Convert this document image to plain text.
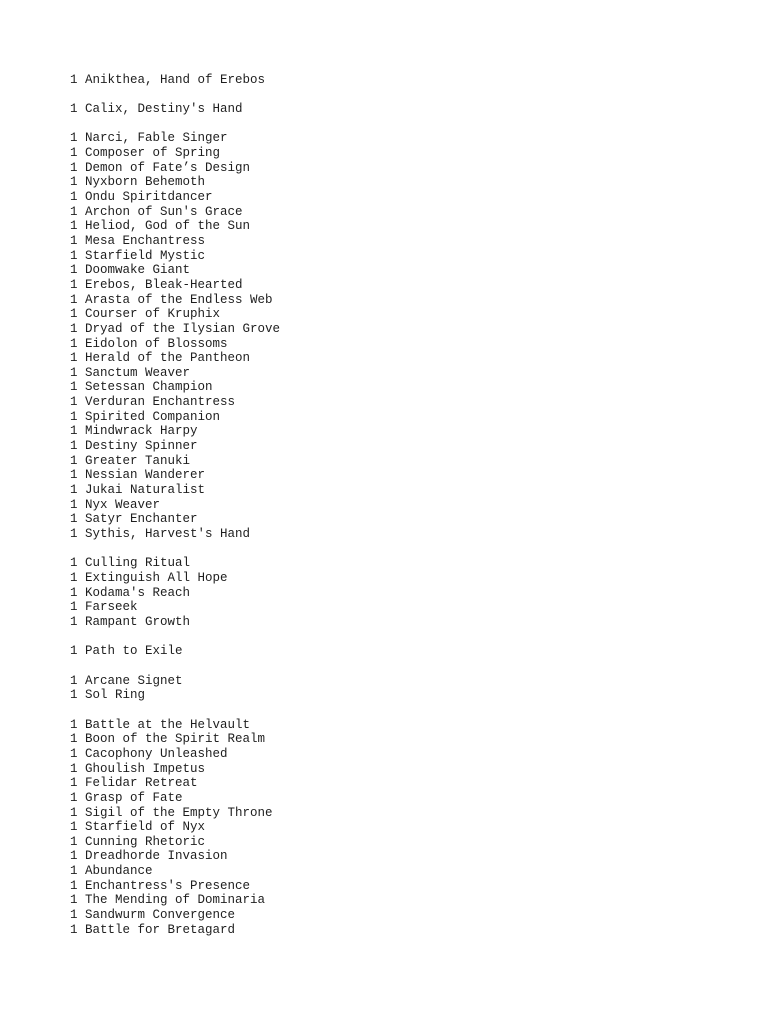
1 Anikthea, Hand of Erebos
1 Calix, Destiny's Hand
1 Narci, Fable Singer
1 Composer of Spring
1 Demon of Fate’s Design
1 Nyxborn Behemoth
1 Ondu Spiritdancer
1 Archon of Sun's Grace
1 Heliod, God of the Sun
1 Mesa Enchantress
1 Starfield Mystic
1 Doomwake Giant
1 Erebos, Bleak-Hearted
1 Arasta of the Endless Web
1 Courser of Kruphix
1 Dryad of the Ilysian Grove
1 Eidolon of Blossoms
1 Herald of the Pantheon
1 Sanctum Weaver
1 Setessan Champion
1 Verduran Enchantress
1 Spirited Companion
1 Mindwrack Harpy
1 Destiny Spinner
1 Greater Tanuki
1 Nessian Wanderer
1 Jukai Naturalist
1 Nyx Weaver
1 Satyr Enchanter
1 Sythis, Harvest's Hand
1 Culling Ritual
1 Extinguish All Hope
1 Kodama's Reach
1 Farseek
1 Rampant Growth
1 Path to Exile
1 Arcane Signet
1 Sol Ring
1 Battle at the Helvault
1 Boon of the Spirit Realm
1 Cacophony Unleashed
1 Ghoulish Impetus
1 Felidar Retreat
1 Grasp of Fate
1 Sigil of the Empty Throne
1 Starfield of Nyx
1 Cunning Rhetoric
1 Dreadhorde Invasion
1 Abundance
1 Enchantress's Presence
1 The Mending of Dominaria
1 Sandwurm Convergence
1 Battle for Bretagard
